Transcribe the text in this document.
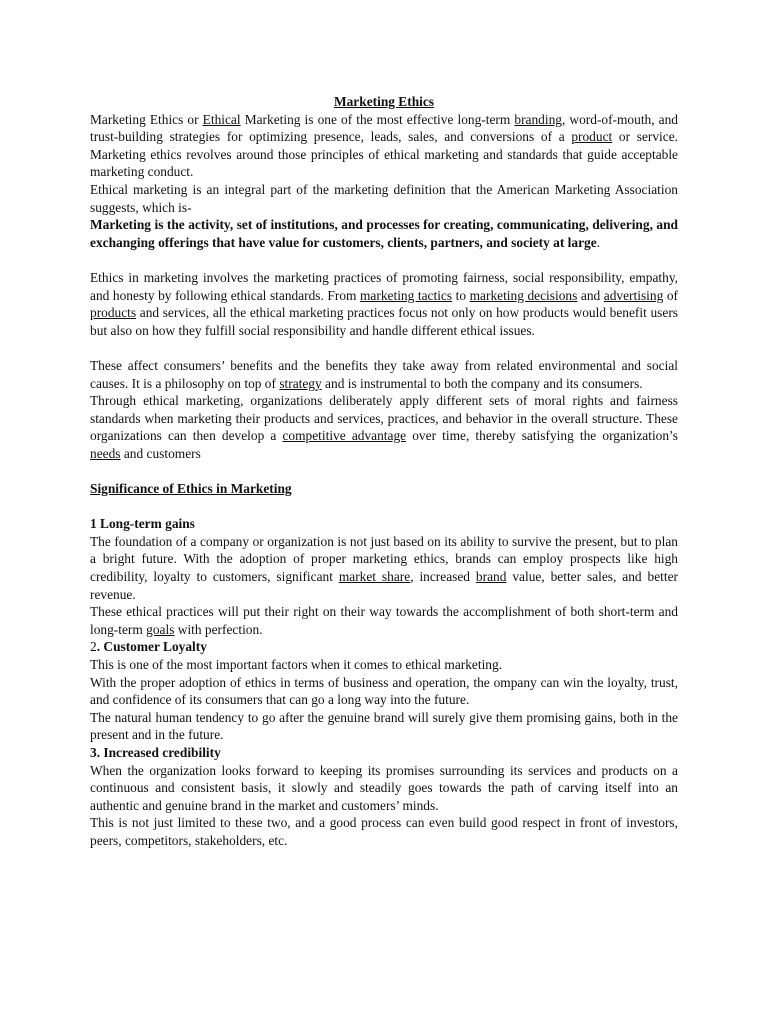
Marketing Ethics

Marketing Ethics or Ethical Marketing is one of the most effective long-term branding, word-of-mouth, and trust-building strategies for optimizing presence, leads, sales, and conversions of a product or service. Marketing ethics revolves around those principles of ethical marketing and standards that guide acceptable marketing conduct.

Ethical marketing is an integral part of the marketing definition that the American Marketing Association suggests, which is-

Marketing is the activity, set of institutions, and processes for creating, communicating, delivering, and exchanging offerings that have value for customers, clients, partners, and society at large.

Ethics in marketing involves the marketing practices of promoting fairness, social responsibility, empathy, and honesty by following ethical standards. From marketing tactics to marketing decisions and advertising of products and services, all the ethical marketing practices focus not only on how products would benefit users but also on how they fulfill social responsibility and handle different ethical issues.

These affect consumers’ benefits and the benefits they take away from related environmental and social causes. It is a philosophy on top of strategy and is instrumental to both the company and its consumers.

Through ethical marketing, organizations deliberately apply different sets of moral rights and fairness standards when marketing their products and services, practices, and behavior in the overall structure. These organizations can then develop a competitive advantage over time, thereby satisfying the organization’s needs and customers

Significance of Ethics in Marketing

1 Long-term gains

The foundation of a company or organization is not just based on its ability to survive the present, but to plan a bright future. With the adoption of proper marketing ethics, brands can employ prospects like high credibility, loyalty to customers, significant market share, increased brand value, better sales, and better revenue.

These ethical practices will put their right on their way towards the accomplishment of both short-term and long-term goals with perfection.

2. Customer Loyalty

This is one of the most important factors when it comes to ethical marketing.

With the proper adoption of ethics in terms of business and operation, the ompany can win the loyalty, trust, and confidence of its consumers that can go a long way into the future.

The natural human tendency to go after the genuine brand will surely give them promising gains, both in the present and in the future.

3. Increased credibility

When the organization looks forward to keeping its promises surrounding its services and products on a continuous and consistent basis, it slowly and steadily goes towards the path of carving itself into an authentic and genuine brand in the market and customers’ minds.

This is not just limited to these two, and a good process can even build good respect in front of investors, peers, competitors, stakeholders, etc.
